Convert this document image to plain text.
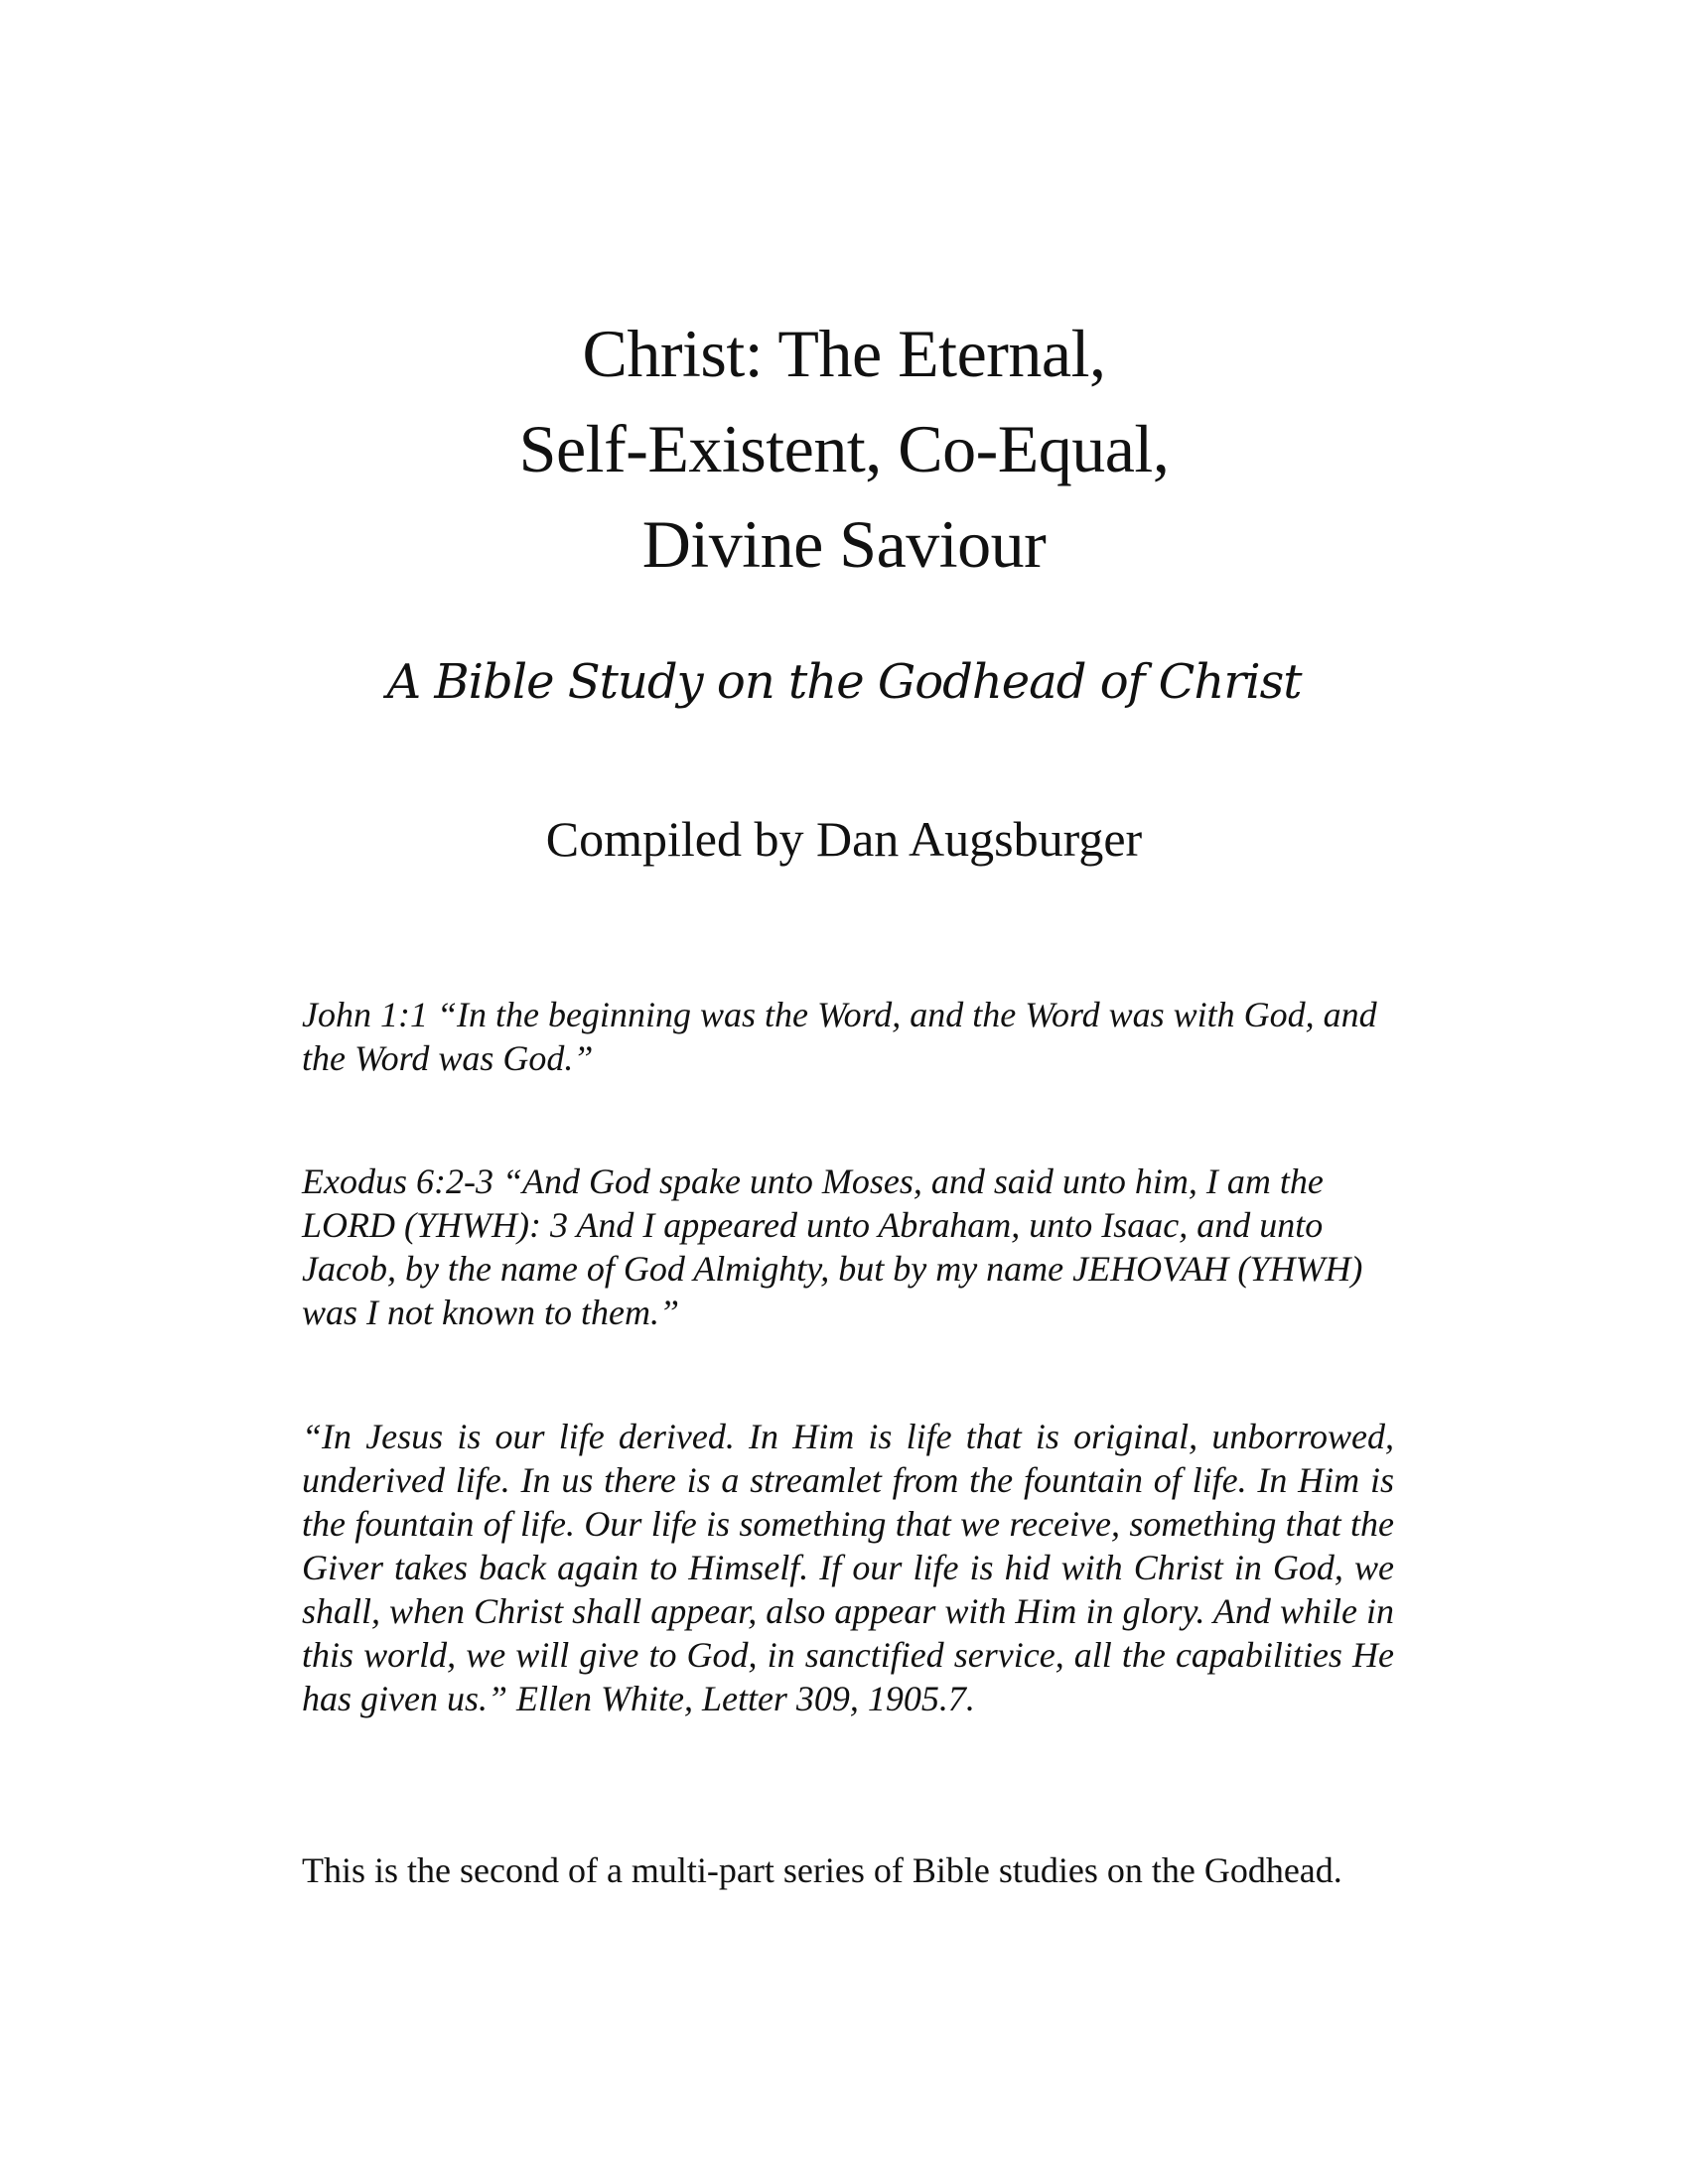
Christ: The Eternal,
Self-Existent, Co-Equal,
Divine Saviour
A Bible Study on the Godhead of Christ
Compiled by Dan Augsburger
John 1:1 “In the beginning was the Word, and the Word was with God, and the Word was God.”
Exodus 6:2-3 “And God spake unto Moses, and said unto him, I am the LORD (YHWH): 3 And I appeared unto Abraham, unto Isaac, and unto Jacob, by the name of God Almighty, but by my name JEHOVAH (YHWH) was I not known to them.”
“In Jesus is our life derived. In Him is life that is original, unborrowed, underived life. In us there is a streamlet from the fountain of life. In Him is the fountain of life. Our life is something that we receive, something that the Giver takes back again to Himself. If our life is hid with Christ in God, we shall, when Christ shall appear, also appear with Him in glory. And while in this world, we will give to God, in sanctified service, all the capabilities He has given us.” Ellen White, Letter 309, 1905.7.
This is the second of a multi-part series of Bible studies on the Godhead.
